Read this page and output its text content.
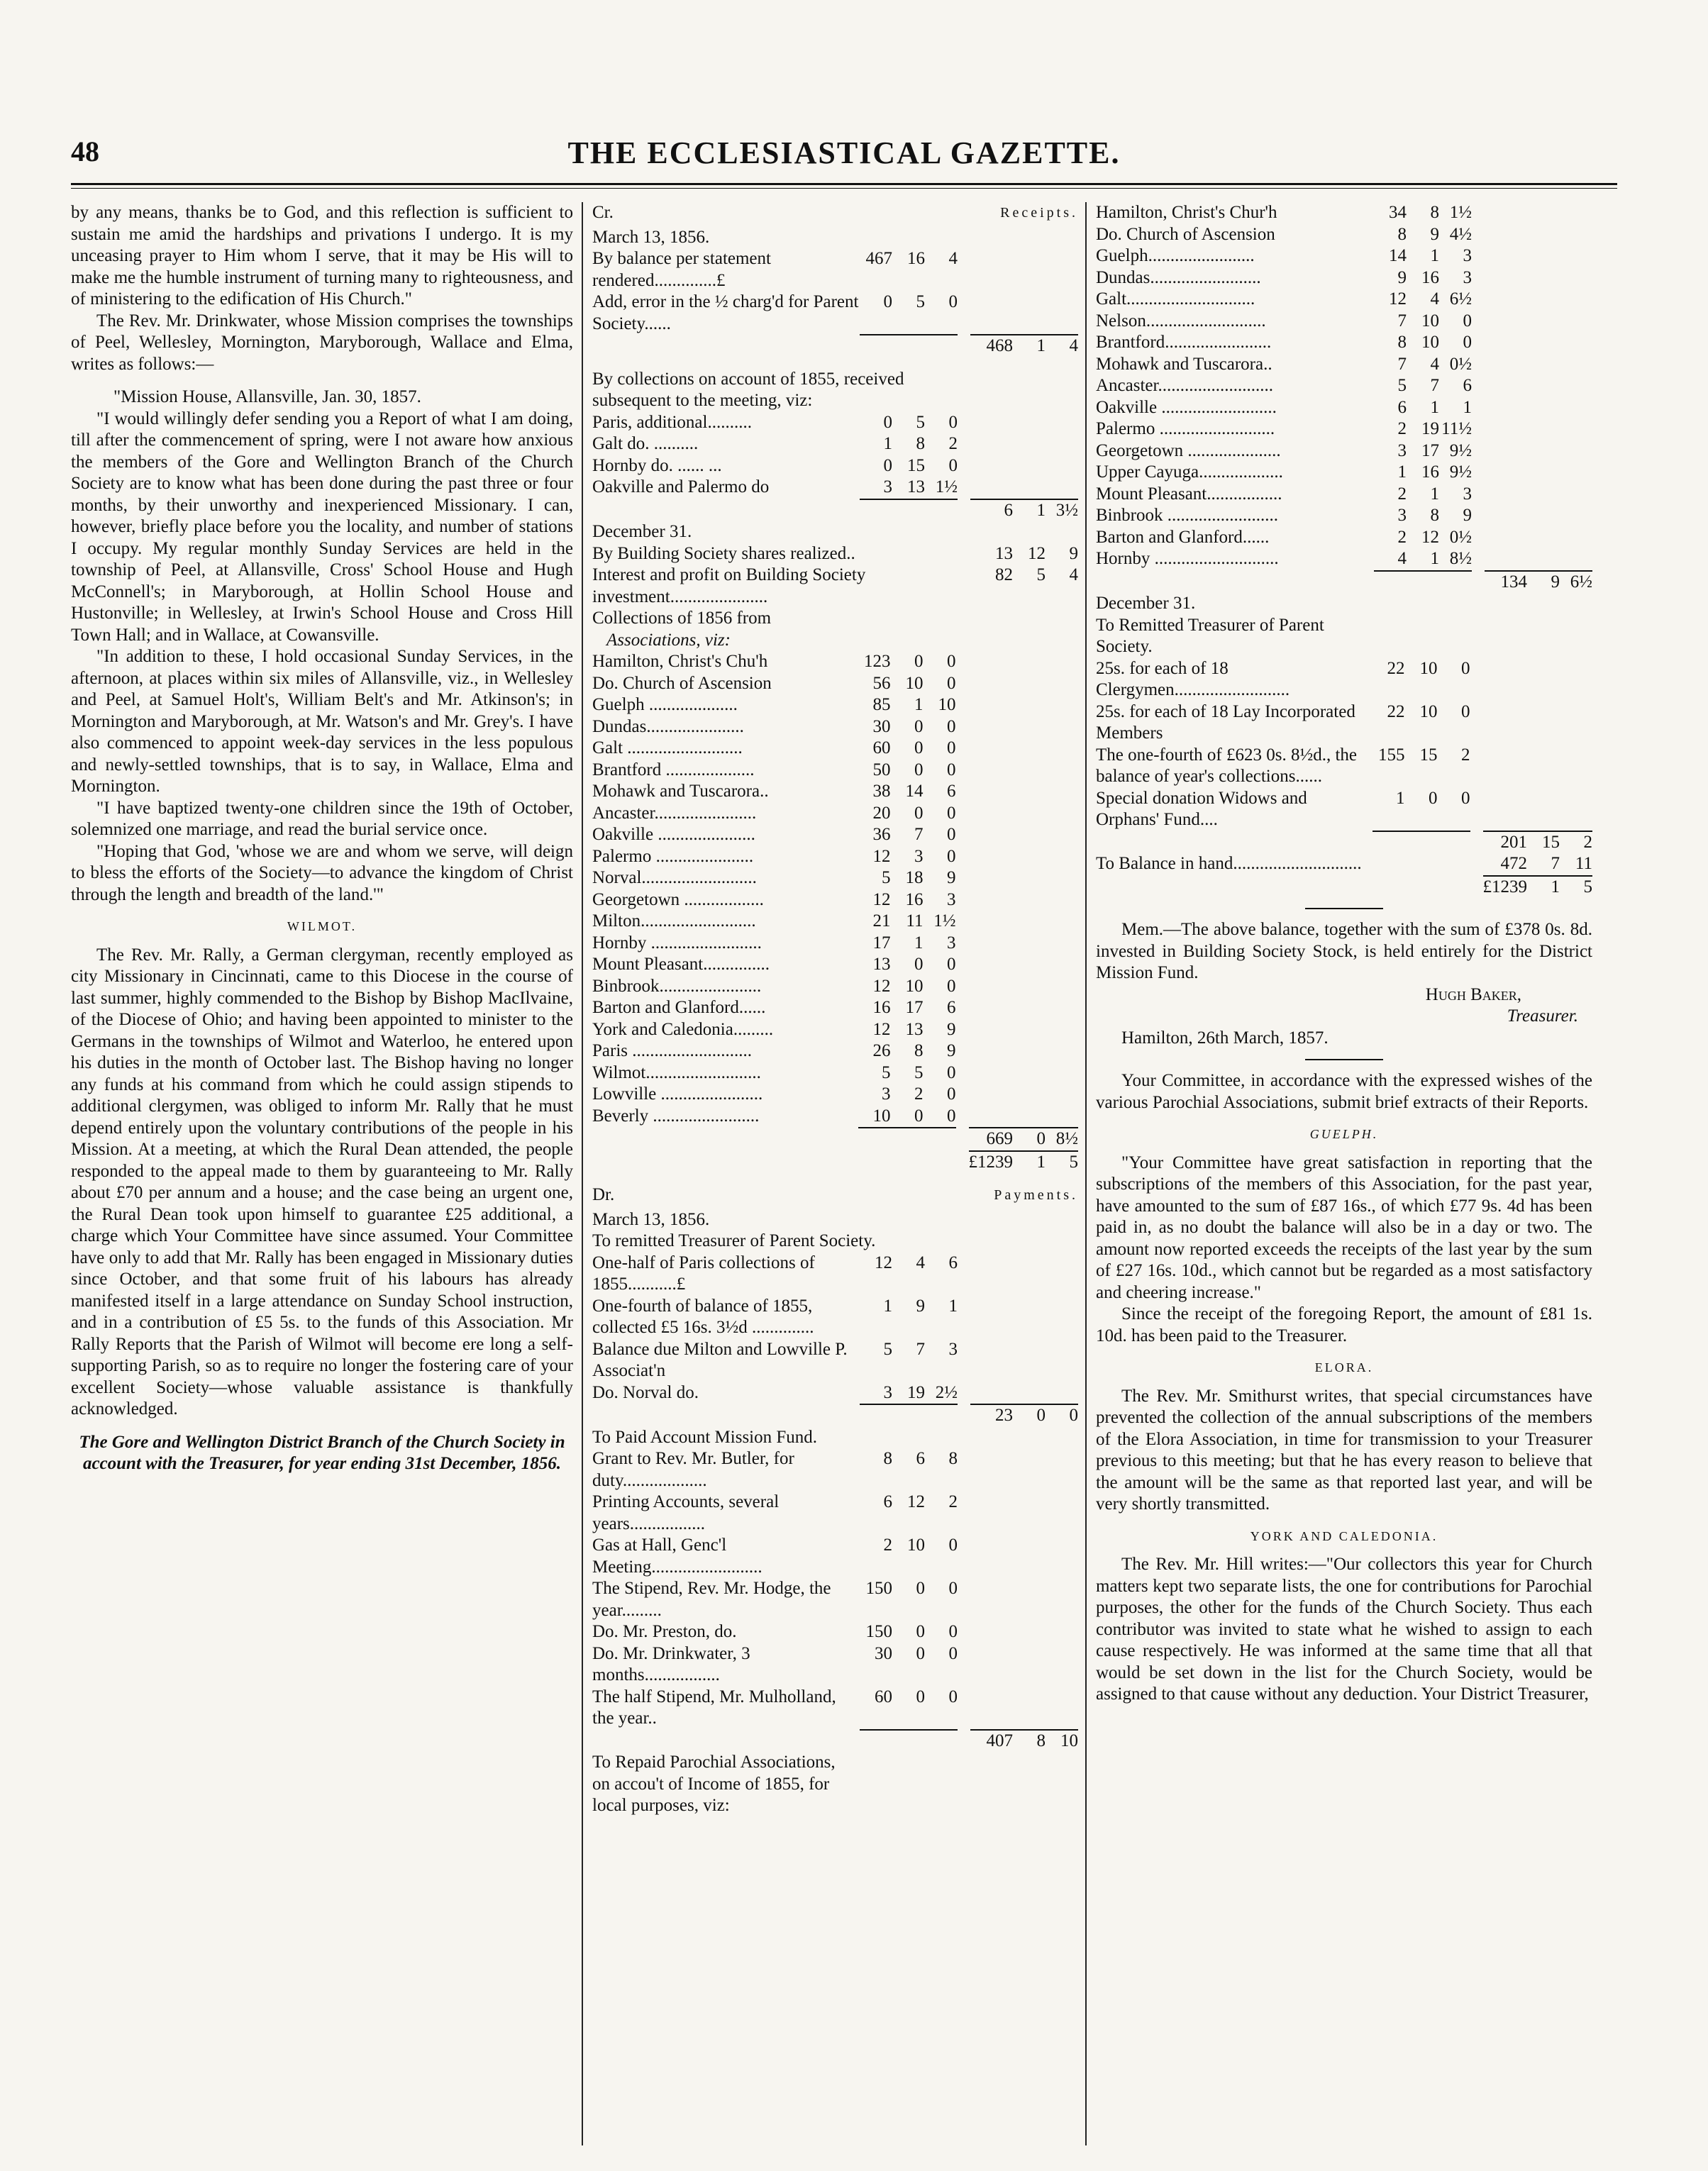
48	THE ECCLESIASTICAL GAZETTE.

by any means, thanks be to God, and this reflection is sufficient to sustain me amid the hardships and privations I undergo. It is my unceasing prayer to Him whom I serve, that it may be His will to make me the humble instrument of turning many to righteousness, and of ministering to the edification of His Church."

The Rev. Mr. Drinkwater, whose Mission comprises the townships of Peel, Wellesley, Mornington, Maryborough, Wallace and Elma, writes as follows:—

"Mission House, Allansville, Jan. 30, 1857.

"I would willingly defer sending you a Report of what I am doing, till after the commencement of spring, were I not aware how anxious the members of the Gore and Wellington Branch of the Church Society are to know what has been done during the past three or four months, by their unworthy and inexperienced Missionary. I can, however, briefly place before you the locality, and number of stations I occupy. My regular monthly Sunday Services are held in the township of Peel, at Allansville, Cross' School House and Hugh McConnell's; in Maryborough, at Hollin School House and Hustonville; in Wellesley, at Irwin's School House and Cross Hill Town Hall; and in Wallace, at Cowansville.

"In addition to these, I hold occasional Sunday Services, in the afternoon, at places within six miles of Allansville, viz., in Wellesley and Peel, at Samuel Holt's, William Belt's and Mr. Atkinson's; in Mornington and Maryborough, at Mr. Watson's and Mr. Grey's. I have also commenced to appoint week-day services in the less populous and newly-settled townships, that is to say, in Wallace, Elma and Mornington.

"I have baptized twenty-one children since the 19th of October, solemnized one marriage, and read the burial service once.

"Hoping that God, 'whose we are and whom we serve, will deign to bless the efforts of the Society—to advance the kingdom of Christ through the length and breadth of the land.'"

WILMOT.

The Rev. Mr. Rally, a German clergyman, recently employed as city Missionary in Cincinnati, came to this Diocese in the course of last summer, highly commended to the Bishop by Bishop MacIlvaine, of the Diocese of Ohio; and having been appointed to minister to the Germans in the townships of Wilmot and Waterloo, he entered upon his duties in the month of October last. The Bishop having no longer any funds at his command from which he could assign stipends to additional clergymen, was obliged to inform Mr. Rally that he must depend entirely upon the voluntary contributions of the people in his Mission. At a meeting, at which the Rural Dean attended, the people responded to the appeal made to them by guaranteeing to Mr. Rally about £70 per annum and a house; and the case being an urgent one, the Rural Dean took upon himself to guarantee £25 additional, a charge which Your Committee have since assumed. Your Committee have only to add that Mr. Rally has been engaged in Missionary duties since October, and that some fruit of his labours has already manifested itself in a large attendance on Sunday School instruction, and in a contribution of £5 5s. to the funds of this Association. Mr Rally Reports that the Parish of Wilmot will become ere long a self-supporting Parish, so as to require no longer the fostering care of your excellent Society—whose valuable assistance is thankfully acknowledged.

The Gore and Wellington District Branch of the Church Society in account with the Treasurer, for year ending 31st December, 1856.

Cr.	Receipts.
March 13, 1856.
By balance per statement rendered..............£	467	16	4				
Add, error in the ½ charg'd for Parent Society......	0	5	0				
					468	1	4
By collections on account of 1855, received subsequent to the meeting, viz:
Paris, additional..........	0	5	0				
Galt do. ..........	1	8	2				
Hornby do. ...... ...	0	15	0				
Oakville and Palermo do	3	13	1½				
					6	1	3½
December 31.
By Building Society shares realized..			13	12	9
Interest and profit on Building Society investment......................			82	5	4
Collections of 1856 from
Associations, viz:
Hamilton, Christ's Chu'h	123	0	0				
Do. Church of Ascension	56	10	0				
Guelph ....................	85	1	10				
Dundas......................	30	0	0				
Galt ..........................	60	0	0				
Brantford ....................	50	0	0				
Mohawk and Tuscarora..	38	14	6				
Ancaster.......................	20	0	0				
Oakville ......................	36	7	0				
Palermo ......................	12	3	0				
Norval..........................	5	18	9				
Georgetown ..................	12	16	3				
Milton..........................	21	11	1½				
Hornby .........................	17	1	3				
Mount Pleasant...............	13	0	0				
Binbrook.......................	12	10	0				
Barton and Glanford......	16	17	6				
York and Caledonia.........	12	13	9				
Paris ...........................	26	8	9				
Wilmot..........................	5	5	0				
Lowville .......................	3	2	0				
Beverly ........................	10	0	0				
					669	0	8½
					£1239	1	5
Dr.	Payments.
March 13, 1856.
To remitted Treasurer of Parent Society.
One-half of Paris collections of 1855...........£	12	4	6				
One-fourth of balance of 1855, collected £5 16s. 3½d ..............	1	9	1				
Balance due Milton and Lowville P. Associat'n	5	7	3				
Do. Norval do.	3	19	2½				
					23	0	0
To Paid Account Mission Fund.
Grant to Rev. Mr. Butler, for duty...................	8	6	8				
Printing Accounts, several years.................	6	12	2				
Gas at Hall, Genc'l Meeting.........................	2	10	0				
The Stipend, Rev. Mr. Hodge, the year.........	150	0	0				
Do. Mr. Preston, do.	150	0	0				
Do. Mr. Drinkwater, 3 months.................	30	0	0				
The half Stipend, Mr. Mulholland, the year..	60	0	0				
					407	8	10
To Repaid Parochial Associations, on accou't of Income of 1855, for local purposes, viz:
Hamilton, Christ's Chur'h	34	8	1½				
Do. Church of Ascension	8	9	4½				
Guelph........................	14	1	3				
Dundas.........................	9	16	3				
Galt.............................	12	4	6½				
Nelson...........................	7	10	0				
Brantford........................	8	10	0				
Mohawk and Tuscarora..	7	4	0½				
Ancaster..........................	5	7	6				
Oakville ..........................	6	1	1				
Palermo ..........................	2	19	11½				
Georgetown .....................	3	17	9½				
Upper Cayuga...................	1	16	9½				
Mount Pleasant.................	2	1	3				
Binbrook .........................	3	8	9				
Barton and Glanford......	2	12	0½				
Hornby ............................	4	1	8½				
					134	9	6½
December 31.
To Remitted Treasurer of Parent Society.
25s. for each of 18 Clergymen..........................	22	10	0				
25s. for each of 18 Lay Incorporated Members	22	10	0				
The one-fourth of £623 0s. 8½d., the balance of year's collections......	155	15	2				
Special donation Widows and Orphans' Fund....	1	0	0				
					201	15	2
To Balance in hand.............................					472	7	11
					£1239	1	5

Mem.—The above balance, together with the sum of £378 0s. 8d. invested in Building Society Stock, is held entirely for the District Mission Fund.

Hugh Baker,
Treasurer.

Hamilton, 26th March, 1857.

Your Committee, in accordance with the expressed wishes of the various Parochial Associations, submit brief extracts of their Reports.

GUELPH.

"Your Committee have great satisfaction in reporting that the subscriptions of the members of this Association, for the past year, have amounted to the sum of £87 16s., of which £77 9s. 4d has been paid in, as no doubt the balance will also be in a day or two. The amount now reported exceeds the receipts of the last year by the sum of £27 16s. 10d., which cannot but be regarded as a most satisfactory and cheering increase."

Since the receipt of the foregoing Report, the amount of £81 1s. 10d. has been paid to the Treasurer.

ELORA.

The Rev. Mr. Smithurst writes, that special circumstances have prevented the collection of the annual subscriptions of the members of the Elora Association, in time for transmission to your Treasurer previous to this meeting; but that he has every reason to believe that the amount will be the same as that reported last year, and will be very shortly transmitted.

YORK AND CALEDONIA.

The Rev. Mr. Hill writes:—"Our collectors this year for Church matters kept two separate lists, the one for contributions for Parochial purposes, the other for the funds of the Church Society. Thus each contributor was invited to state what he wished to assign to each cause respectively. He was informed at the same time that all that would be set down in the list for the Church Society, would be assigned to that cause without any deduction. Your District Treasurer,
